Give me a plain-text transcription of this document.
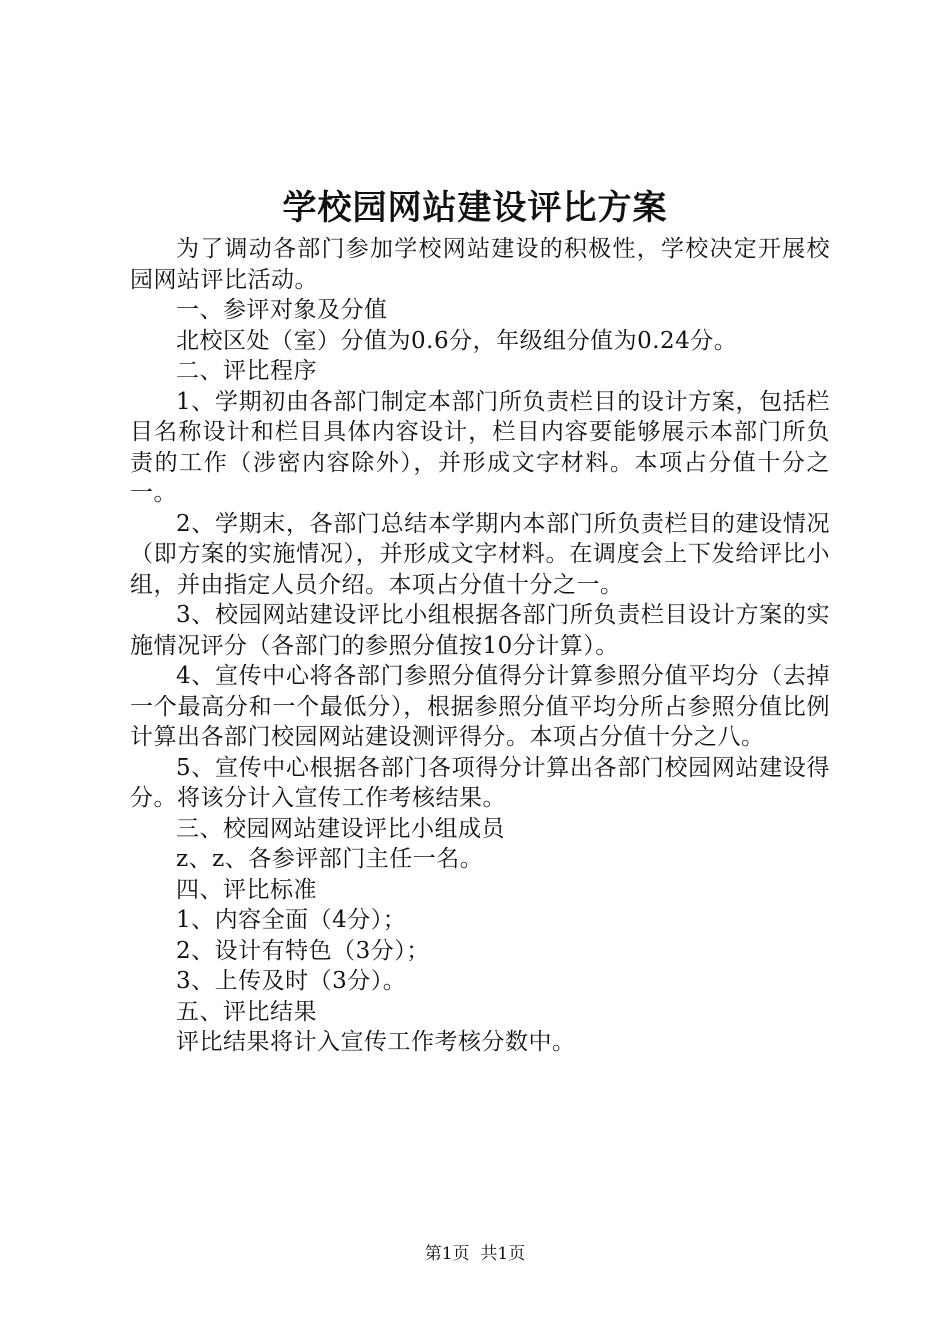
学校园网站建设评比方案

为了调动各部门参加学校网站建设的积极性，学校决定开展校园网站评比活动。

一、参评对象及分值

北校区处（室）分值为0.6分，年级组分值为0.24分。

二、评比程序

1、学期初由各部门制定本部门所负责栏目的设计方案，包括栏目名称设计和栏目具体内容设计，栏目内容要能够展示本部门所负责的工作（涉密内容除外），并形成文字材料。本项占分值十分之一。

2、学期末，各部门总结本学期内本部门所负责栏目的建设情况（即方案的实施情况），并形成文字材料。在调度会上下发给评比小组，并由指定人员介绍。本项占分值十分之一。

3、校园网站建设评比小组根据各部门所负责栏目设计方案的实施情况评分（各部门的参照分值按10分计算）。

4、宣传中心将各部门参照分值得分计算参照分值平均分（去掉一个最高分和一个最低分），根据参照分值平均分所占参照分值比例计算出各部门校园网站建设测评得分。本项占分值十分之八。

5、宣传中心根据各部门各项得分计算出各部门校园网站建设得分。将该分计入宣传工作考核结果。

三、校园网站建设评比小组成员

z、z、各参评部门主任一名。

四、评比标准

1、内容全面（4分）；

2、设计有特色（3分）；

3、上传及时（3分）。

五、评比结果

评比结果将计入宣传工作考核分数中。

第1页  共1页
